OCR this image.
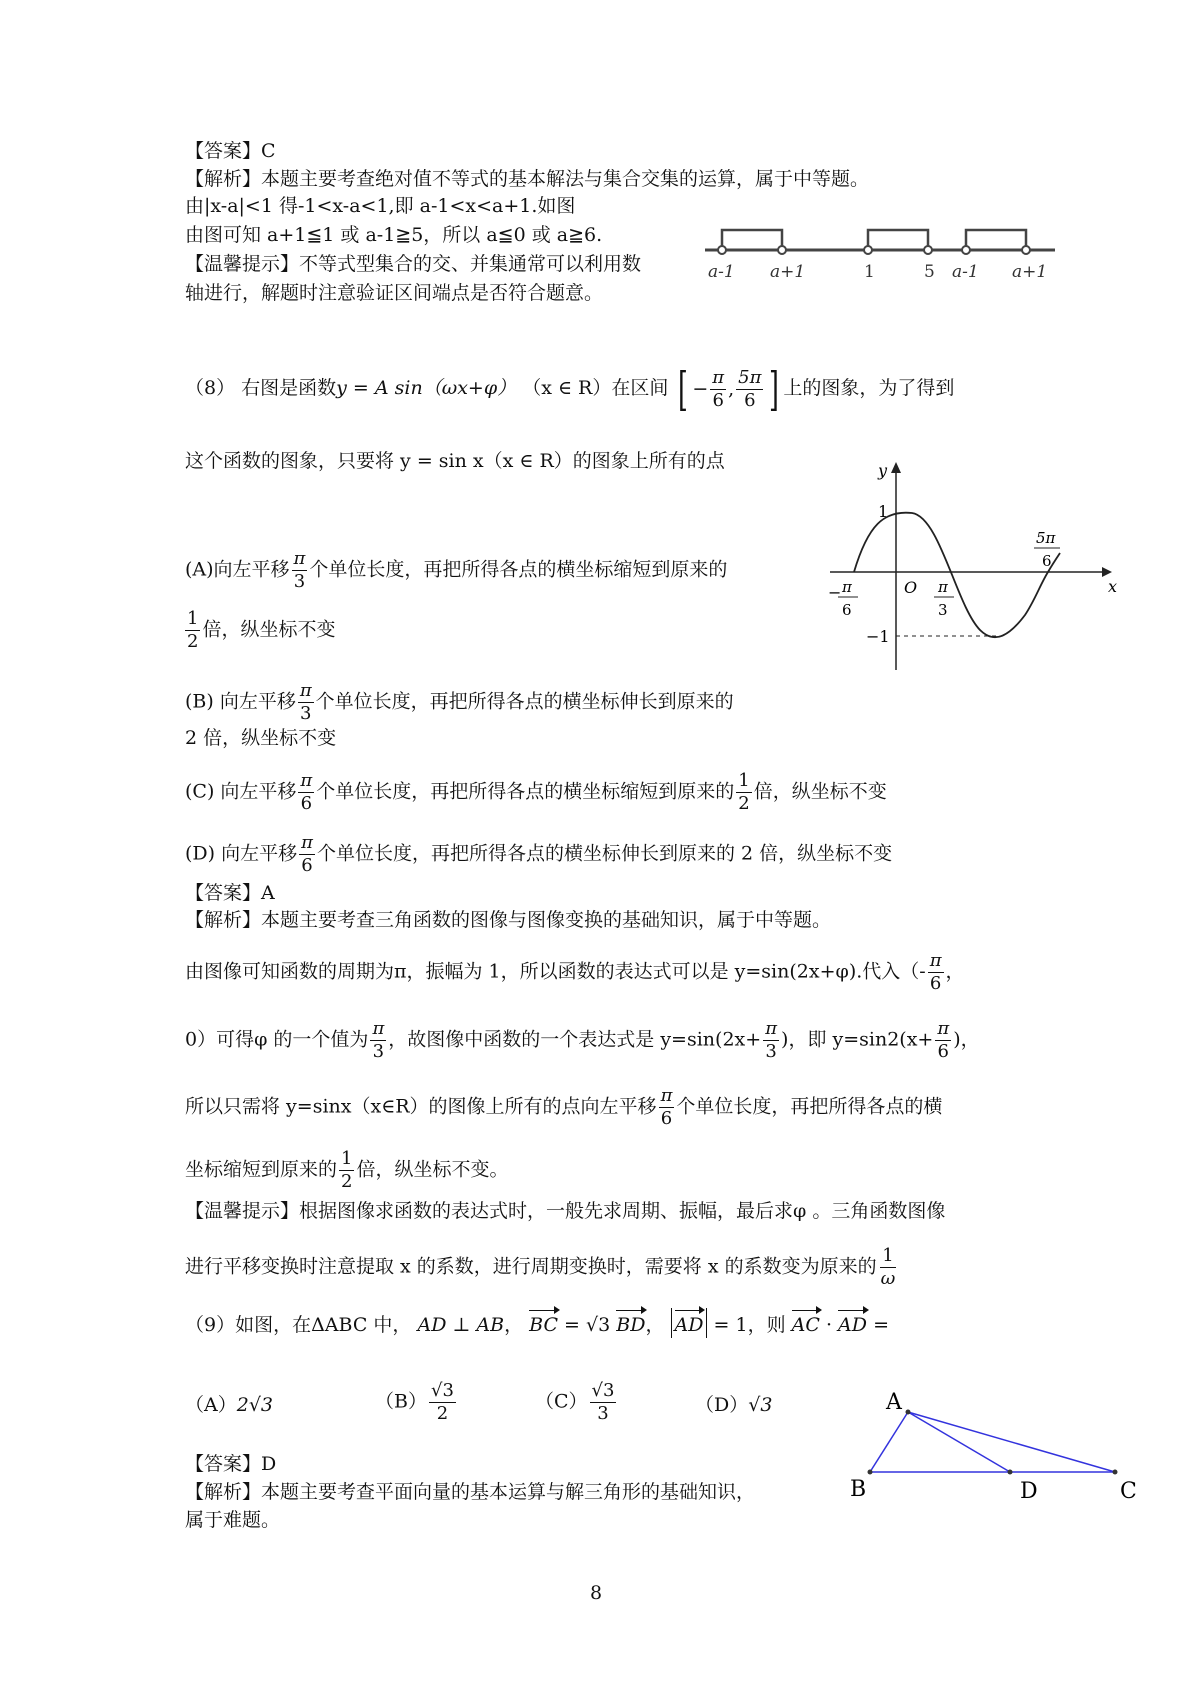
【答案】C
【解析】本题主要考查绝对值不等式的基本解法与集合交集的运算，属于中等题。
由|x-a|<1 得-1<x-a<1,即 a-1<x<a+1.如图
由图可知 a+1≦1 或 a-1≧5，所以 a≦0 或 a≧6.
【温馨提示】不等式型集合的交、并集通常可以利用数
轴进行，解题时注意验证区间端点是否符合题意。
a-1 a+1	1	5 a-1 a+1
（8） 右图是函数y = A sin（ωx+φ） （x ∈ R）在区间 [ − $\frac{\pi}{6}$ , $\frac{5\pi}{6}$ ] 上的图象，为了得到
这个函数的图象，只要将 y = sin x（x ∈ R）的图象上所有的点
(A)向左平移 $\frac{\pi}{3}$ 个单位长度，再把所得各点的横坐标缩短到原来的
$\frac{1}{2}$ 倍，纵坐标不变
(B) 向左平移 $\frac{\pi}{3}$ 个单位长度，再把所得各点的横坐标伸长到原来的
2 倍，纵坐标不变
(C) 向左平移 $\frac{\pi}{6}$ 个单位长度，再把所得各点的横坐标缩短到原来的 $\frac{1}{2}$ 倍，纵坐标不变
(D) 向左平移 $\frac{\pi}{6}$ 个单位长度，再把所得各点的横坐标伸长到原来的 2 倍，纵坐标不变
【答案】A
【解析】本题主要考查三角函数的图像与图像变换的基础知识，属于中等题。
由图像可知函数的周期为π，振幅为 1，所以函数的表达式可以是 y=sin(2x+φ).代入（- $\frac{\pi}{6}$ ，
0）可得φ 的一个值为 $\frac{\pi}{3}$ ，故图像中函数的一个表达式是 $y=\sin(2x+ \frac{\pi}{3}$ )，即 $y=\sin 2(x+ \frac{\pi}{6}$ )，
所以只需将 y=sinx（x∈R）的图像上所有的点向左平移 $\frac{\pi}{6}$ 个单位长度，再把所得各点的横
坐标缩短到原来的 $\frac{1}{2}$ 倍，纵坐标不变。
【温馨提示】根据图像求函数的表达式时，一般先求周期、振幅，最后求φ 。三角函数图像
进行平移变换时注意提取 x 的系数，进行周期变换时，需要将 x 的系数变为原来的 $\frac{1}{\omega}$
y
x
O
1
−1
− π
6
π
3
5π
6
（9）如图，在ΔABC 中， AD ⊥ AB， BC = √3 BD， AD = 1，则 AC · AD =
（A）2√3	$(B) \frac{√3}{2}$	$(C) \frac{√3}{3}$	（D）√3
【答案】D
【解析】本题主要考查平面向量的基本运算与解三角形的基础知识，
属于难题。
A
B	D	C
8
